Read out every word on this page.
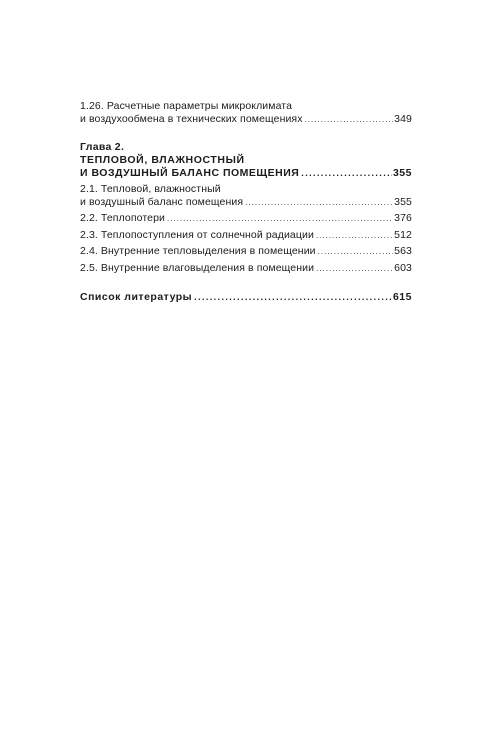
1.26. Расчетные параметры микроклимата
и воздухообмена в технических помещениях .....	349
Глава 2.
ТЕПЛОВОЙ, ВЛАЖНОСТНЫЙ
И ВОЗДУШНЫЙ БАЛАНС ПОМЕЩЕНИЯ .....	355
2.1. Тепловой, влажностный
и воздушный баланс помещения .....	355
2.2. Теплопотери .....	376
2.3. Теплопоступления от солнечной радиации .....	512
2.4. Внутренние тепловыделения в помещении .....	563
2.5. Внутренние влаговыделения в помещении .....	603
Список литературы .....	615
